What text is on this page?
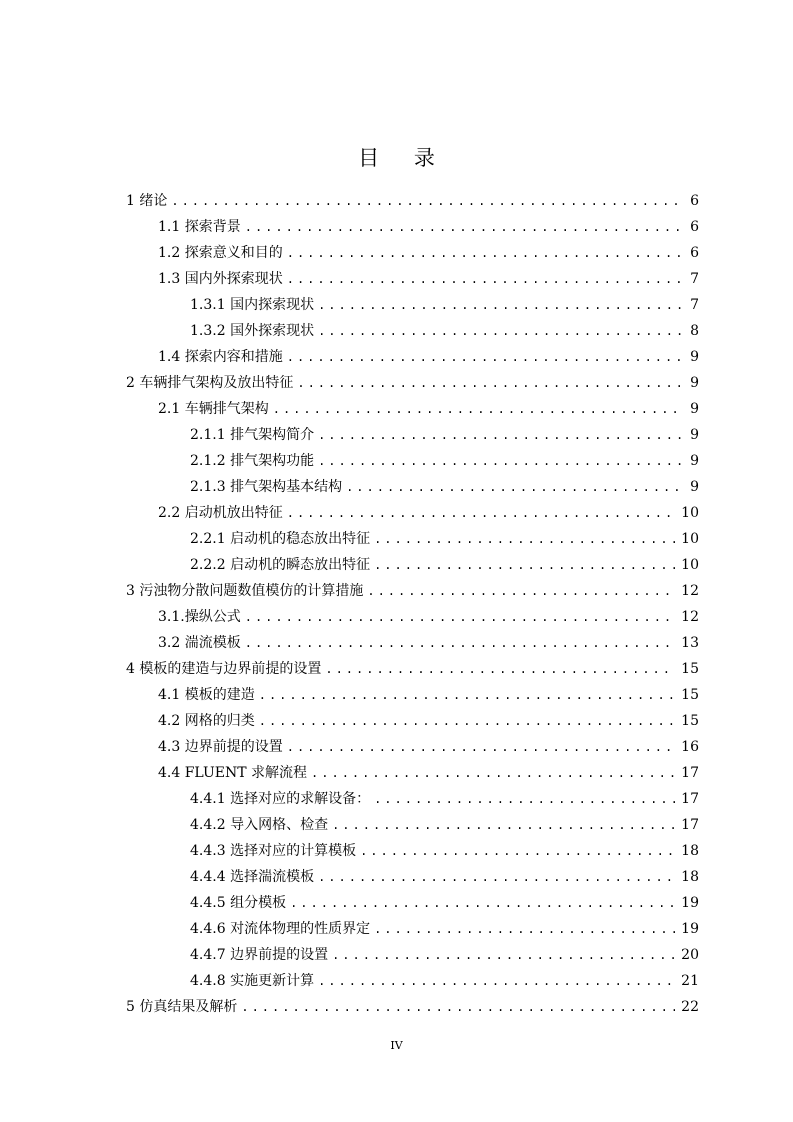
目 录
1 绪论 .....	6
1.1 探索背景 .....	6
1.2 探索意义和目的 .....	6
1.3 国内外探索现状 .....	7
1.3.1 国内探索现状 .....	7
1.3.2 国外探索现状 .....	8
1.4 探索内容和措施 .....	9
2 车辆排气架构及放出特征 .....	9
2.1 车辆排气架构 .....	9
2.1.1 排气架构简介 .....	9
2.1.2 排气架构功能 .....	9
2.1.3 排气架构基本结构 .....	9
2.2 启动机放出特征 .....	10
2.2.1 启动机的稳态放出特征 .....	10
2.2.2 启动机的瞬态放出特征 .....	10
3 污浊物分散问题数值模仿的计算措施 .....	12
3.1.操纵公式 .....	12
3.2 湍流模板 .....	13
4 模板的建造与边界前提的设置 .....	15
4.1 模板的建造 .....	15
4.2 网格的归类 .....	15
4.3 边界前提的设置 .....	16
4.4 FLUENT 求解流程 .....	17
4.4.1 选择对应的求解设备： .....	17
4.4.2 导入网格、检查 .....	17
4.4.3 选择对应的计算模板 .....	18
4.4.4 选择湍流模板 .....	18
4.4.5 组分模板 .....	19
4.4.6 对流体物理的性质界定 .....	19
4.4.7 边界前提的设置 .....	20
4.4.8 实施更新计算 .....	21
5 仿真结果及解析 .....	22
IV
